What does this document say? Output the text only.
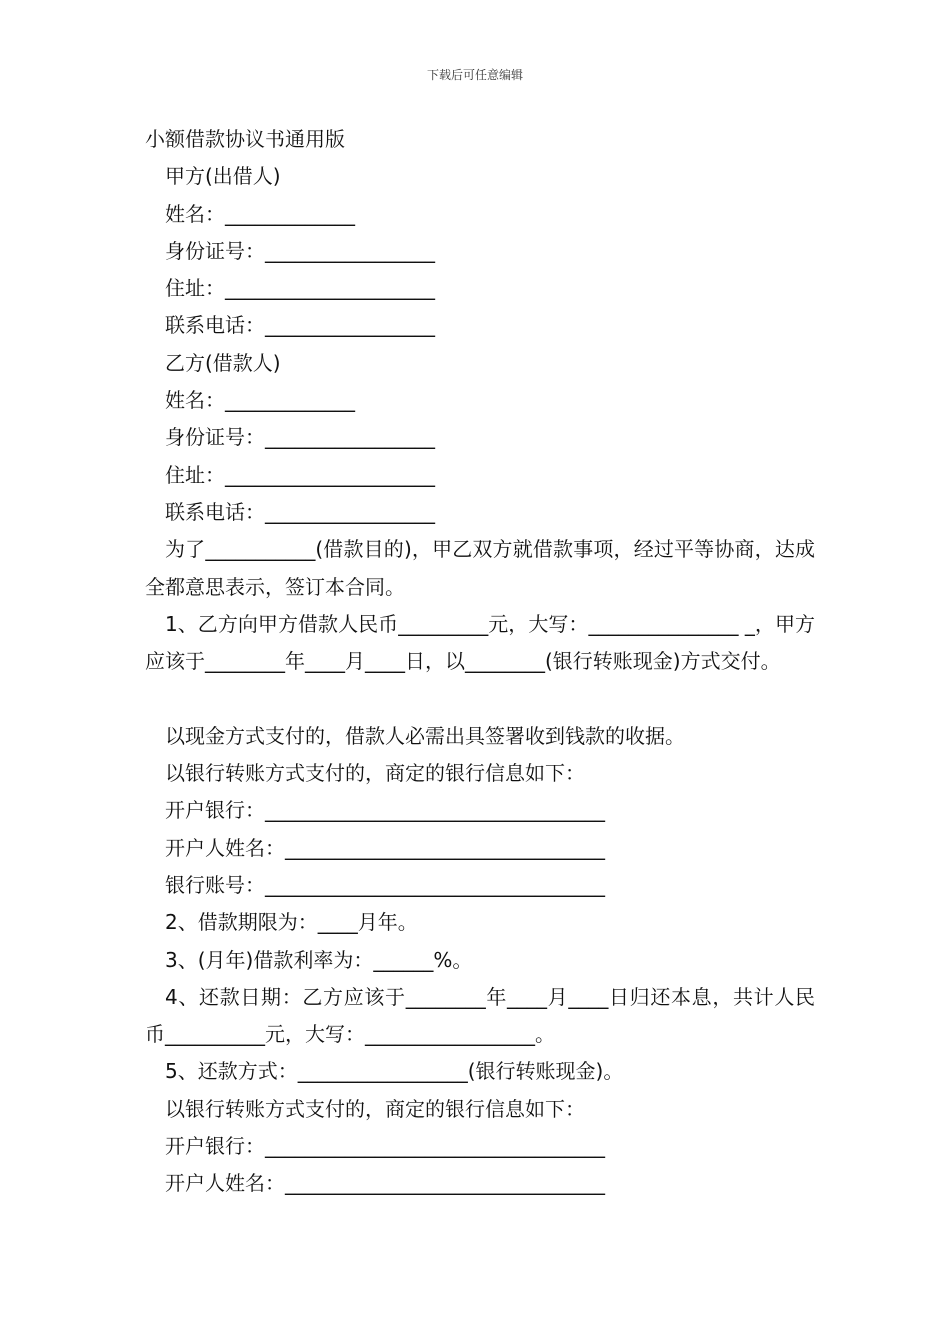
下载后可任意编辑
小额借款协议书通用版
甲方(出借人)
姓名：_____________
身份证号：_________________
住址：_____________________
联系电话：_________________
乙方(借款人)
姓名：_____________
身份证号：_________________
住址：_____________________
联系电话：_________________
为了___________(借款目的)，甲乙双方就借款事项，经过平等协商，达成全都意思表示，签订本合同。
1、乙方向甲方借款人民币_________元，大写：_______________ _，甲方应该于________年____月____日，以________(银行转账现金)方式交付。
以现金方式支付的，借款人必需出具签署收到钱款的收据。
以银行转账方式支付的，商定的银行信息如下：
开户银行：__________________________________
开户人姓名：________________________________
银行账号：__________________________________
2、借款期限为：____月年。
3、(月年)借款利率为：______%。
4、还款日期：乙方应该于________年____月____日归还本息，共计人民币__________元，大写：_________________。
5、还款方式：_________________(银行转账现金)。
以银行转账方式支付的，商定的银行信息如下：
开户银行：__________________________________
开户人姓名：________________________________
